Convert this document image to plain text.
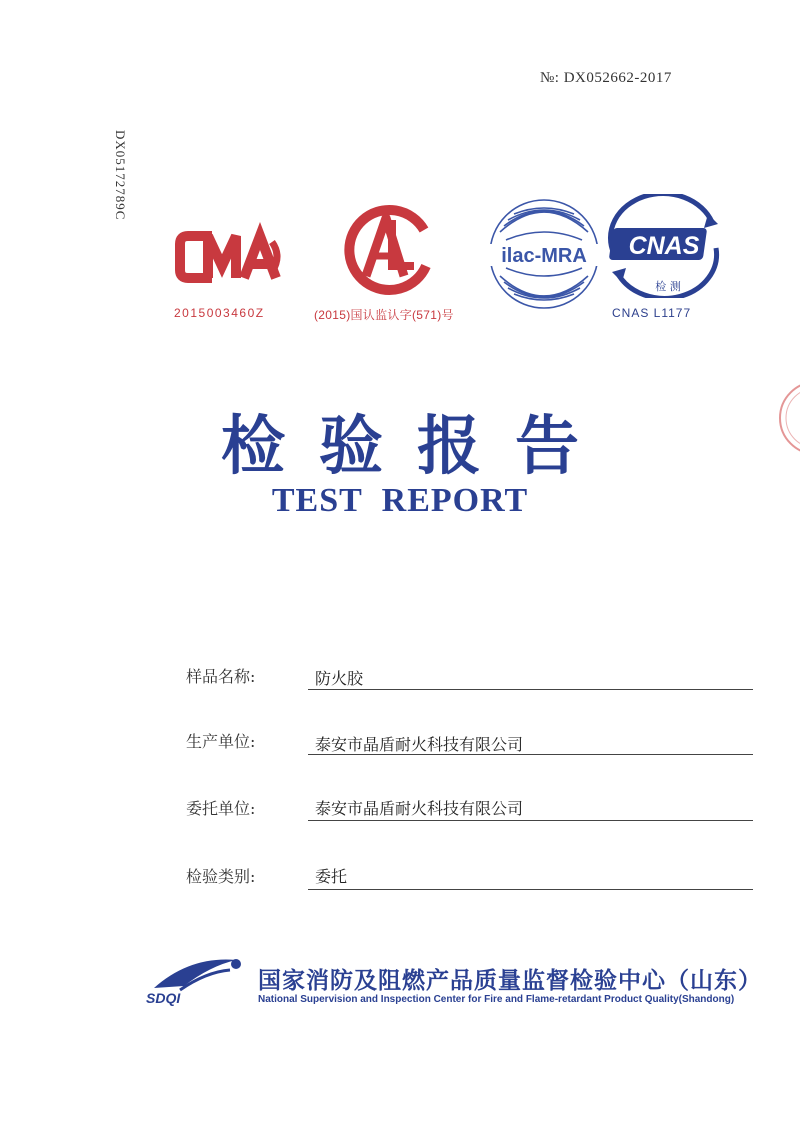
№: DX052662-2017
DX05172789C
2015003460Z	(2015)国认监认字(571)号
ilac-MRA CNAS
检 测
CNAS L1177
检验报告
TEST REPORT
样品名称:	防火胶
生产单位:	泰安市晶盾耐火科技有限公司
委托单位:	泰安市晶盾耐火科技有限公司
检验类别:	委托
SDQI
国家消防及阻燃产品质量监督检验中心（山东）
National Supervision and Inspection Center for Fire and Flame-retardant Product Quality(Shandong)
